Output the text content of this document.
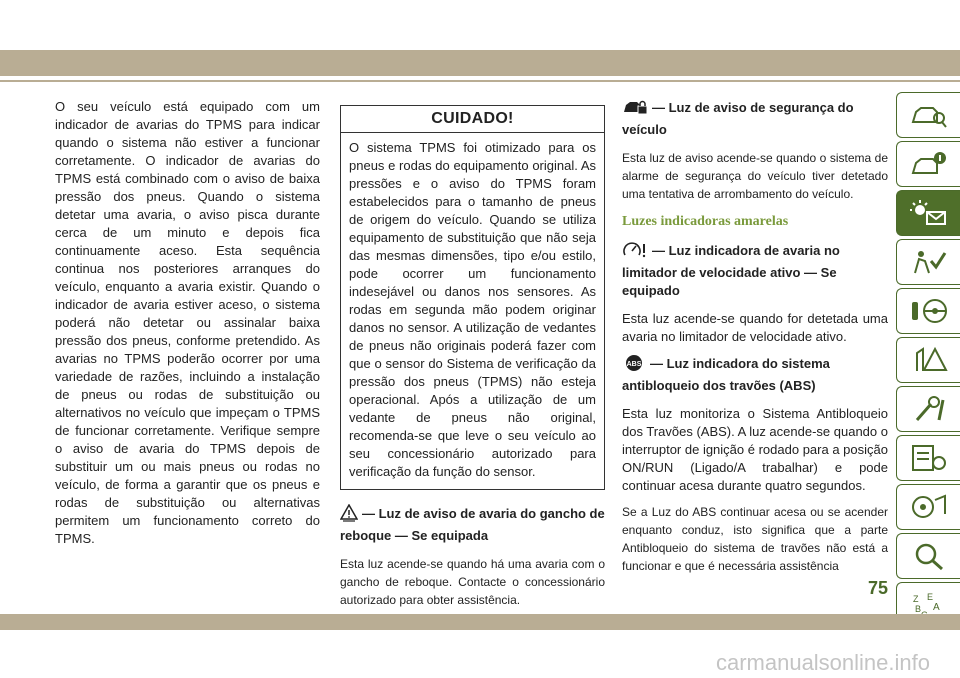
O seu veículo está equipado com um indicador de avarias do TPMS para indicar quando o sistema não estiver a funcionar corretamente. O indicador de avarias do TPMS está combinado com o aviso de baixa pressão dos pneus. Quando o sistema detetar uma avaria, o aviso pisca durante cerca de um minuto e depois fica continuamente aceso. Esta sequência continua nos posteriores arranques do veículo, enquanto a avaria existir. Quando o indicador de avaria estiver aceso, o sistema poderá não detetar ou assinalar baixa pressão dos pneus, conforme pretendido. As avarias no TPMS poderão ocorrer por uma variedade de razões, incluindo a instalação de pneus ou rodas de substituição ou alternativos no veículo que impeçam o TPMS de funcionar corretamente. Verifique sempre o aviso de avaria do TPMS depois de substituir um ou mais pneus ou rodas no veículo, de forma a garantir que os pneus e rodas de substituição ou alternativas permitem um funcionamento correto do TPMS.

CUIDADO!
O sistema TPMS foi otimizado para os pneus e rodas do equipamento original. As pressões e o aviso do TPMS foram estabelecidos para o tamanho de pneus de origem do veículo. Quando se utiliza equipamento de substituição que não seja das mesmas dimensões, tipo e/ou estilo, pode ocorrer um funcionamento indesejável ou danos nos sensores. As rodas em segunda mão podem originar danos no sensor. A utilização de vedantes de pneus não originais poderá fazer com que o sensor do Sistema de verificação da pressão dos pneus (TPMS) não esteja operacional. Após a utilização de um vedante de pneus não original, recomenda-se que leve o seu veículo ao seu concessionário autorizado para verificação da função do sensor.
— Luz de aviso de avaria do gancho de reboque — Se equipada

Esta luz acende-se quando há uma avaria com o gancho de reboque. Contacte o concessionário autorizado para obter assistência.

— Luz de aviso de segurança do veículo

Esta luz de aviso acende-se quando o sistema de alarme de segurança do veículo tiver detetado uma tentativa de arrombamento do veículo.

Luzes indicadoras amarelas
— Luz indicadora de avaria no limitador de velocidade ativo — Se equipado

Esta luz acende-se quando for detetada uma avaria no limitador de velocidade ativo.

ABS — Luz indicadora do sistema antibloqueio dos travões (ABS)

Esta luz monitoriza o Sistema Antibloqueio dos Travões (ABS). A luz acende-se quando o interruptor de ignição é rodado para a posição ON/RUN (Ligado/A trabalhar) e pode continuar acesa durante quatro segundos.

Se a Luz do ABS continuar acesa ou se acender enquanto conduz, isto significa que a parte Antibloqueio do sistema de travões não está a funcionar e que é necessária assistência

Z E
A
B
75
carmanualsonline.info
